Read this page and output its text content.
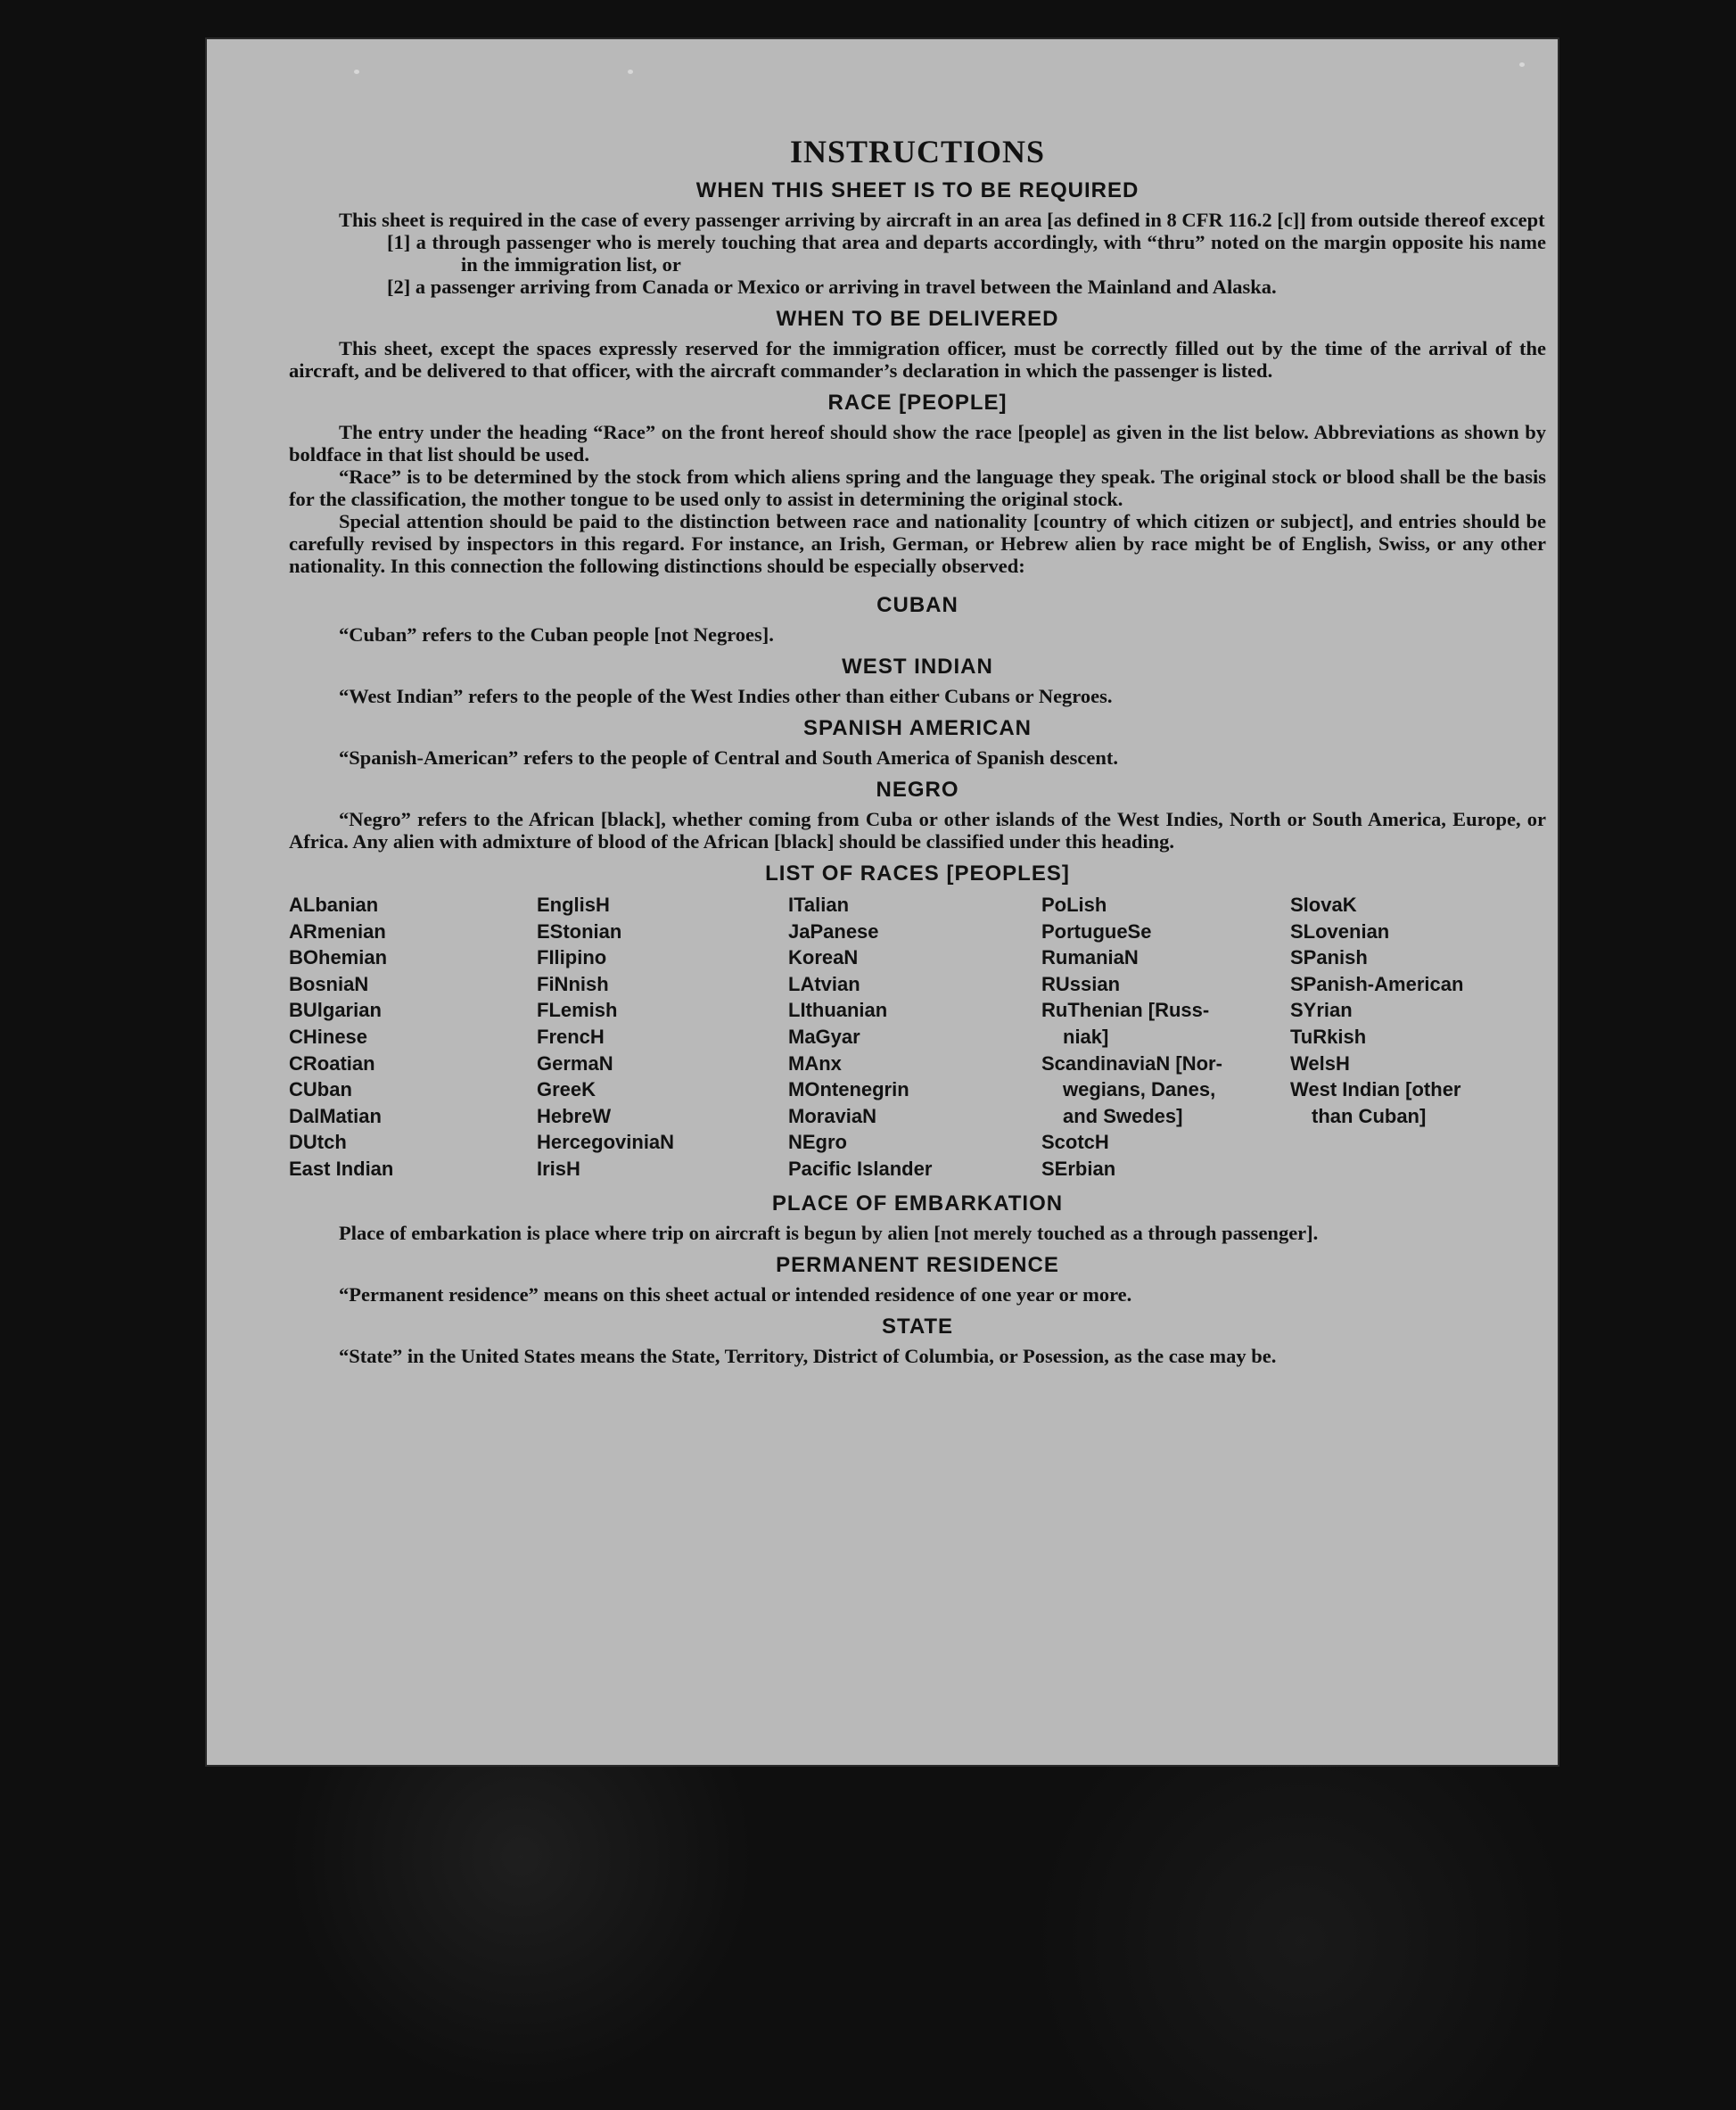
INSTRUCTIONS
WHEN THIS SHEET IS TO BE REQUIRED

This sheet is required in the case of every passenger arriving by aircraft in an area [as defined in 8 CFR 116.2 [c]] from outside thereof except

[1] a through passenger who is merely touching that area and departs accordingly, with “thru” noted on the margin opposite his name in the immigration list, or
[2] a passenger arriving from Canada or Mexico or arriving in travel between the Mainland and Alaska.
WHEN TO BE DELIVERED

This sheet, except the spaces expressly reserved for the immigration officer, must be correctly filled out by the time of the arrival of the aircraft, and be delivered to that officer, with the aircraft commander’s declaration in which the passenger is listed.

RACE [PEOPLE]

The entry under the heading “Race” on the front hereof should show the race [people] as given in the list below. Abbreviations as shown by boldface in that list should be used.

“Race” is to be determined by the stock from which aliens spring and the language they speak. The original stock or blood shall be the basis for the classification, the mother tongue to be used only to assist in determining the original stock.

Special attention should be paid to the distinction between race and nationality [country of which citizen or subject], and entries should be carefully revised by inspectors in this regard. For instance, an Irish, German, or Hebrew alien by race might be of English, Swiss, or any other nationality. In this connection the following distinctions should be especially observed:

CUBAN

“Cuban” refers to the Cuban people [not Negroes].

WEST INDIAN

“West Indian” refers to the people of the West Indies other than either Cubans or Negroes.

SPANISH AMERICAN

“Spanish-American” refers to the people of Central and South America of Spanish descent.

NEGRO

“Negro” refers to the African [black], whether coming from Cuba or other islands of the West Indies, North or South America, Europe, or Africa. Any alien with admixture of blood of the African [black] should be classified under this heading.

LIST OF RACES [PEOPLES]
ALbanian
ARmenian
BOhemian
BosniaN
BUlgarian
CHinese
CRoatian
CUban
DalMatian
DUtch
East Indian
EnglisH
EStonian
FIlipino
FiNnish
FLemish
FrencH
GermaN
GreeK
HebreW
HercegoviniaN
IrisH
ITalian
JaPanese
KoreaN
LAtvian
LIthuanian
MaGyar
MAnx
MOntenegrin
MoraviaN
NEgro
Pacific Islander
PoLish
PortugueSe
RumaniaN
RUssian
RuThenian [Russ-
niak]
ScandinaviaN [Nor-
wegians, Danes,
and Swedes]
ScotcH
SErbian
SlovaK
SLovenian
SPanish
SPanish-American
SYrian
TuRkish
WelsH
West Indian [other
than Cuban]
PLACE OF EMBARKATION

Place of embarkation is place where trip on aircraft is begun by alien [not merely touched as a through passenger].

PERMANENT RESIDENCE

“Permanent residence” means on this sheet actual or intended residence of one year or more.

STATE

“State” in the United States means the State, Territory, District of Columbia, or Posession, as the case may be.
